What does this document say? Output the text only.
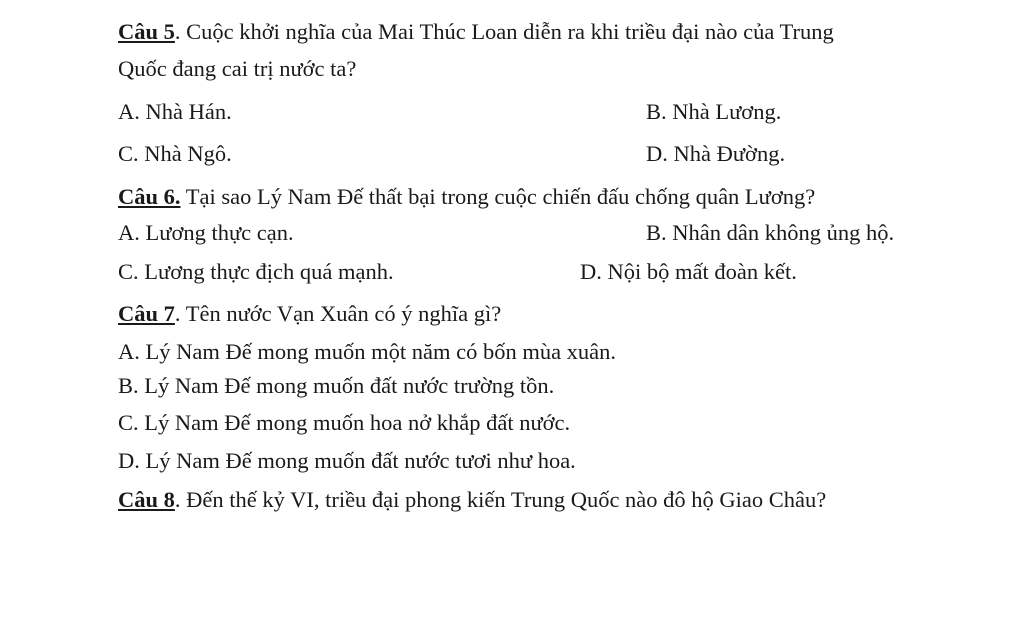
Câu 5. Cuộc khởi nghĩa của Mai Thúc Loan diễn ra khi triều đại nào của Trung
Quốc đang cai trị nước ta?
A. Nhà Hán.	B. Nhà Lương.
C. Nhà Ngô.	D. Nhà Đường.
Câu 6. Tại sao Lý Nam Đế thất bại trong cuộc chiến đấu chống quân Lương?
A. Lương thực cạn.	B. Nhân dân không ủng hộ.
C. Lương thực địch quá mạnh.	D. Nội bộ mất đoàn kết.
Câu 7. Tên nước Vạn Xuân có ý nghĩa gì?
A. Lý Nam Đế mong muốn một năm có bốn mùa xuân.
B. Lý Nam Đế mong muốn đất nước trường tồn.
C. Lý Nam Đế mong muốn hoa nở khắp đất nước.
D. Lý Nam Đế mong muốn đất nước tươi như hoa.
Câu 8. Đến thế kỷ VI, triều đại phong kiến Trung Quốc nào đô hộ Giao Châu?
